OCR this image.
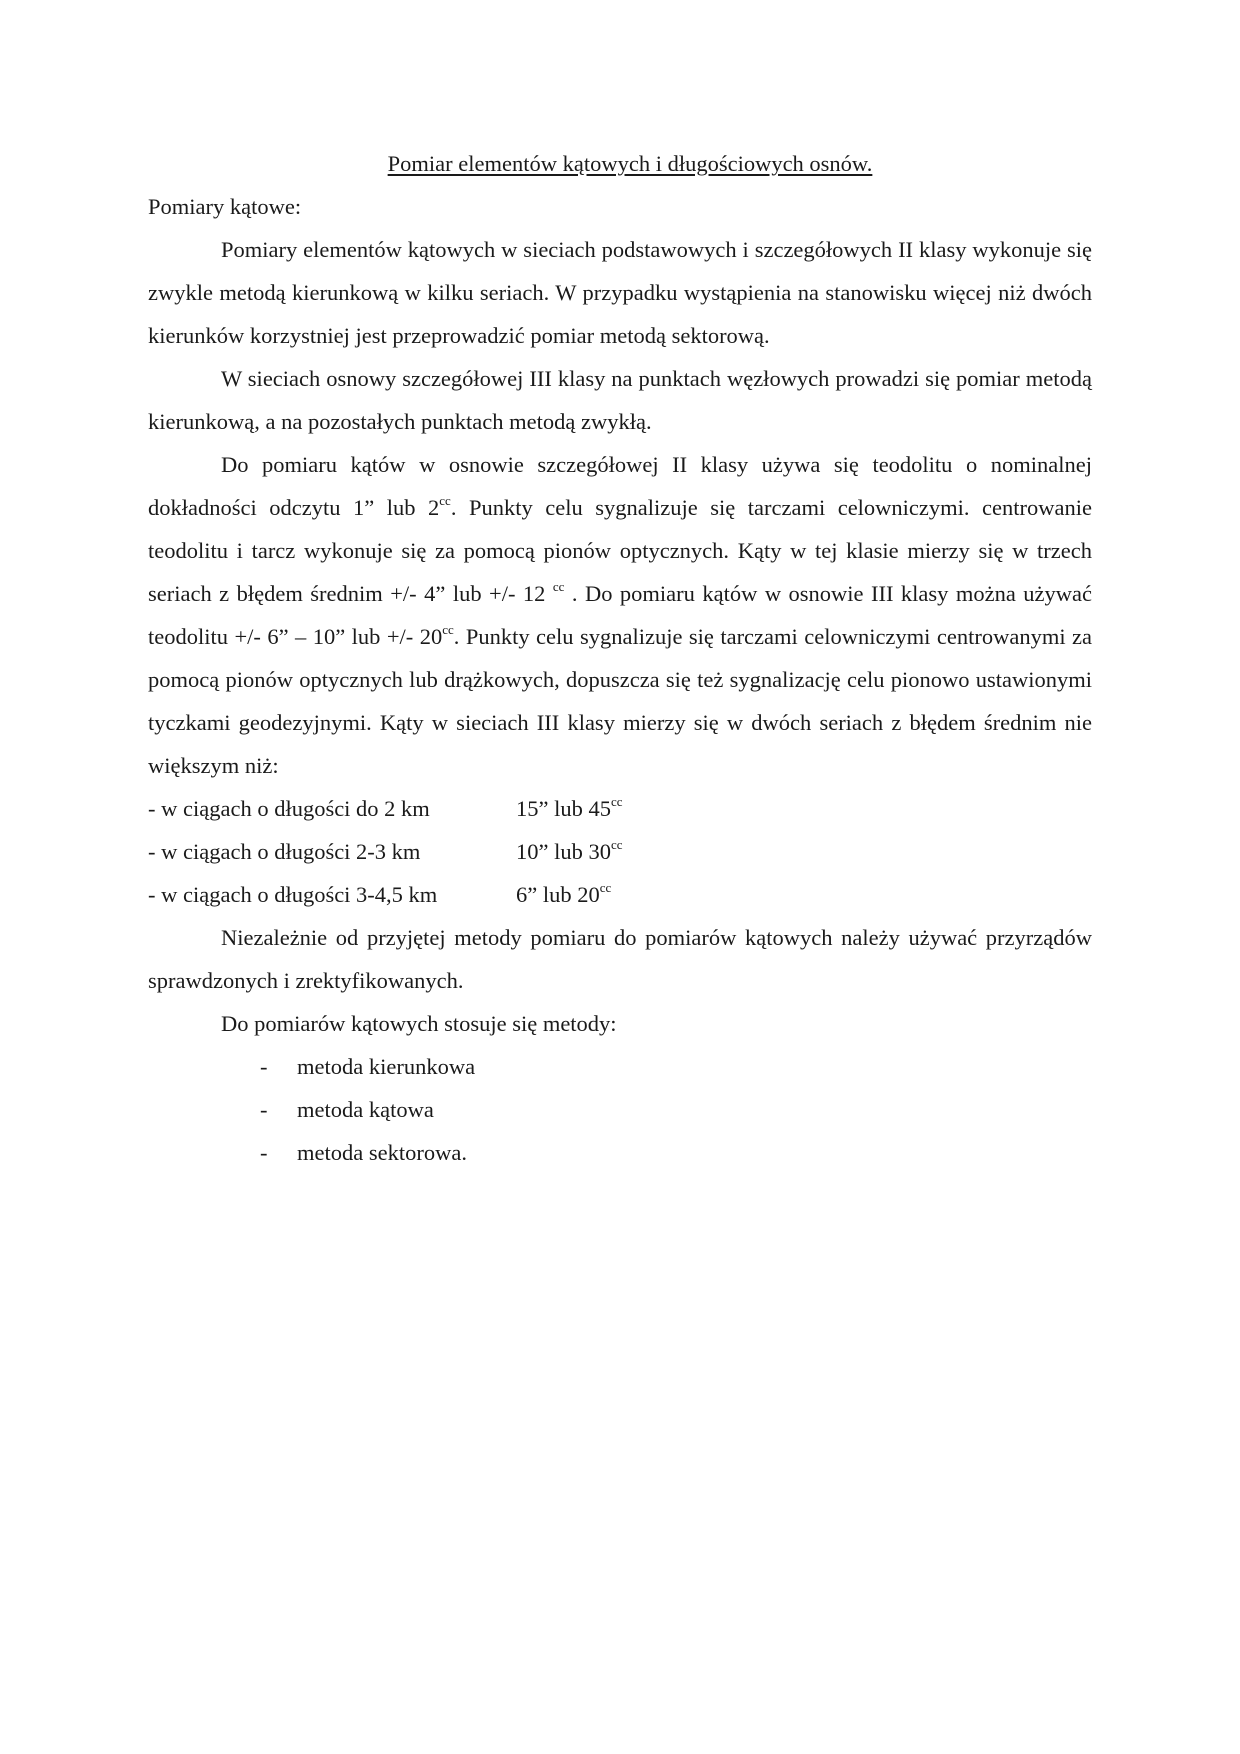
Pomiar elementów kątowych i długościowych osnów.
Pomiary kątowe:

Pomiary elementów kątowych w sieciach podstawowych i szczegółowych II klasy wykonuje się zwykle metodą kierunkową w kilku seriach. W przypadku wystąpienia na stanowisku więcej niż dwóch kierunków korzystniej jest przeprowadzić pomiar metodą sektorową.

W sieciach osnowy szczegółowej III klasy na punktach węzłowych prowadzi się pomiar metodą kierunkową, a na pozostałych punktach metodą zwykłą.

Do pomiaru kątów w osnowie szczegółowej II klasy używa się teodolitu o nominalnej dokładności odczytu 1” lub $2^{cc}$. Punkty celu sygnalizuje się tarczami celowniczymi. centrowanie teodolitu i tarcz wykonuje się za pomocą pionów optycznych. Kąty w tej klasie mierzy się w trzech seriach z błędem średnim +/- 4” lub +/- 12 $^{cc}$ . Do pomiaru kątów w osnowie III klasy można używać teodolitu +/- 6” – 10” lub +/- $20^{cc}$. Punkty celu sygnalizuje się tarczami celowniczymi centrowanymi za pomocą pionów optycznych lub drążkowych, dopuszcza się też sygnalizację celu pionowo ustawionymi tyczkami geodezyjnymi. Kąty w sieciach III klasy mierzy się w dwóch seriach z błędem średnim nie większym niż:

- w ciągach o długości do 2 km	15” lub $45^{cc}$
- w ciągach o długości 2-3 km	10” lub $30^{cc}$
- w ciągach o długości 3-4,5 km	6” lub $20^{cc}$

Niezależnie od przyjętej metody pomiaru do pomiarów kątowych należy używać przyrządów sprawdzonych i zrektyfikowanych.

Do pomiarów kątowych stosuje się metody:

-	metoda kierunkowa
-	metoda kątowa
-	metoda sektorowa.
